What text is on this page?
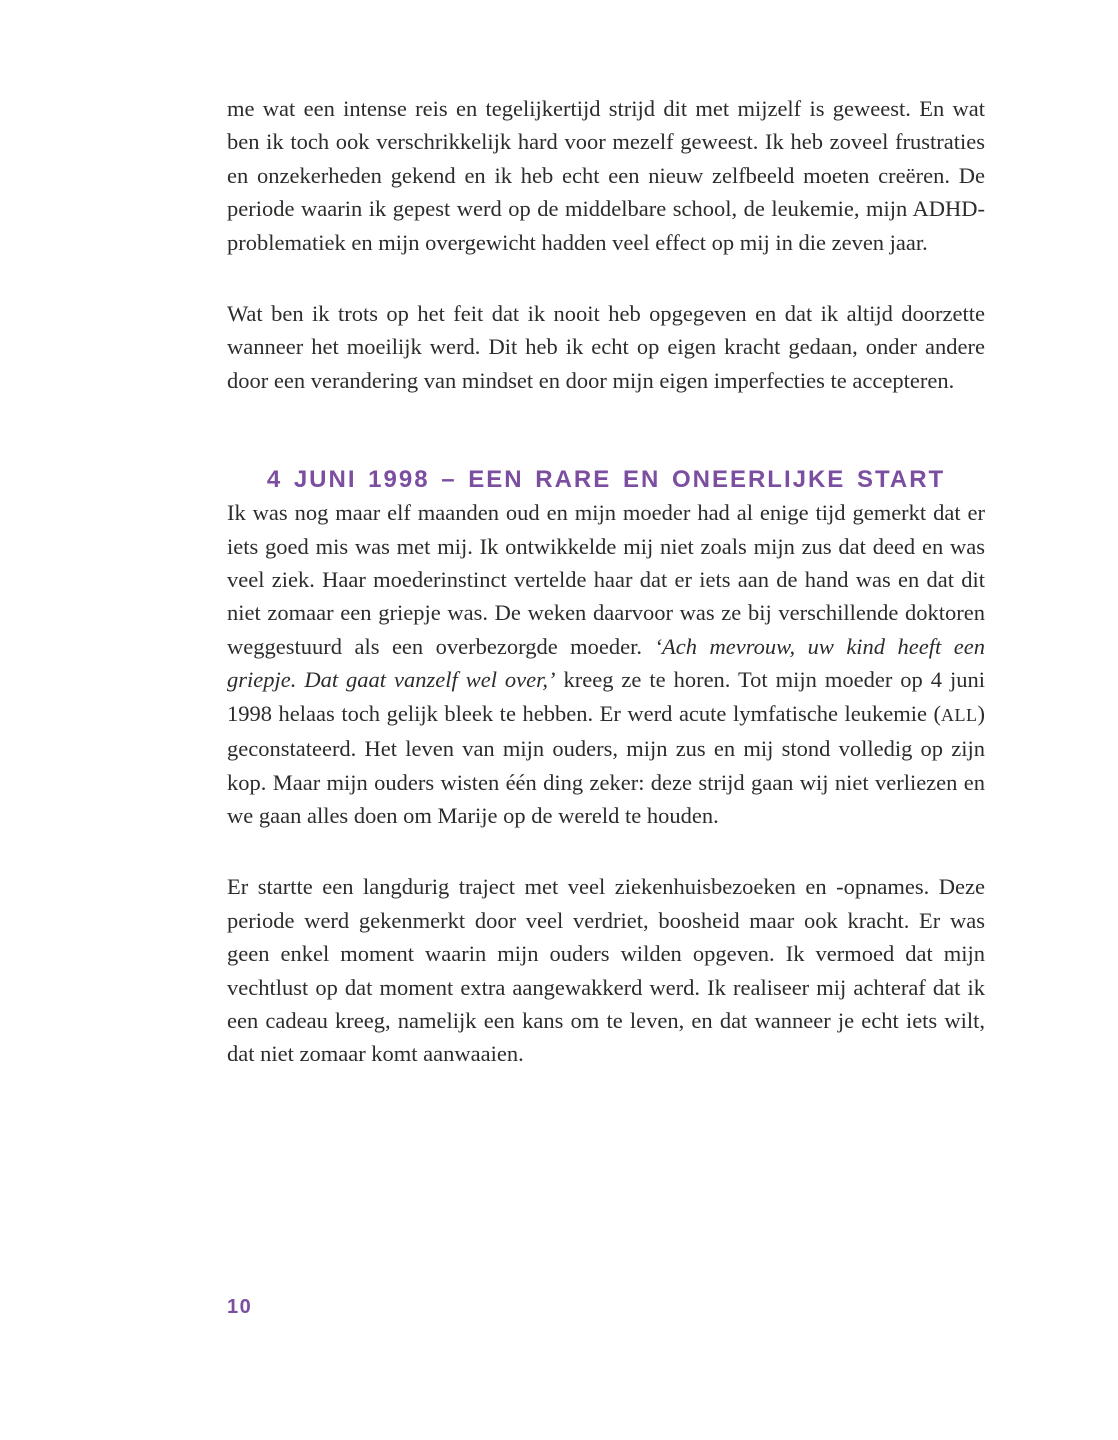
me wat een intense reis en tegelijkertijd strijd dit met mijzelf is geweest. En wat ben ik toch ook verschrikkelijk hard voor mezelf geweest. Ik heb zoveel frustraties en onzekerheden gekend en ik heb echt een nieuw zelfbeeld moeten creëren. De periode waarin ik gepest werd op de middelbare school, de leukemie, mijn ADHD-problematiek en mijn overgewicht hadden veel effect op mij in die zeven jaar.

Wat ben ik trots op het feit dat ik nooit heb opgegeven en dat ik altijd doorzette wanneer het moeilijk werd. Dit heb ik echt op eigen kracht gedaan, onder andere door een verandering van mindset en door mijn eigen imperfecties te accepteren.

4 JUNI 1998 – EEN RARE EN ONEERLIJKE START

Ik was nog maar elf maanden oud en mijn moeder had al enige tijd gemerkt dat er iets goed mis was met mij. Ik ontwikkelde mij niet zoals mijn zus dat deed en was veel ziek. Haar moederinstinct vertelde haar dat er iets aan de hand was en dat dit niet zomaar een griepje was. De weken daarvoor was ze bij verschillende doktoren weggestuurd als een overbezorgde moeder. ‘Ach mevrouw, uw kind heeft een griepje. Dat gaat vanzelf wel over,’ kreeg ze te horen. Tot mijn moeder op 4 juni 1998 helaas toch gelijk bleek te hebben. Er werd acute lymfatische leukemie (ALL) geconstateerd. Het leven van mijn ouders, mijn zus en mij stond volledig op zijn kop. Maar mijn ouders wisten één ding zeker: deze strijd gaan wij niet verliezen en we gaan alles doen om Marije op de wereld te houden.

Er startte een langdurig traject met veel ziekenhuisbezoeken en -opnames. Deze periode werd gekenmerkt door veel verdriet, boosheid maar ook kracht. Er was geen enkel moment waarin mijn ouders wilden opgeven. Ik vermoed dat mijn vechtlust op dat moment extra aangewakkerd werd. Ik realiseer mij achteraf dat ik een cadeau kreeg, namelijk een kans om te leven, en dat wanneer je echt iets wilt, dat niet zomaar komt aanwaaien.

10
